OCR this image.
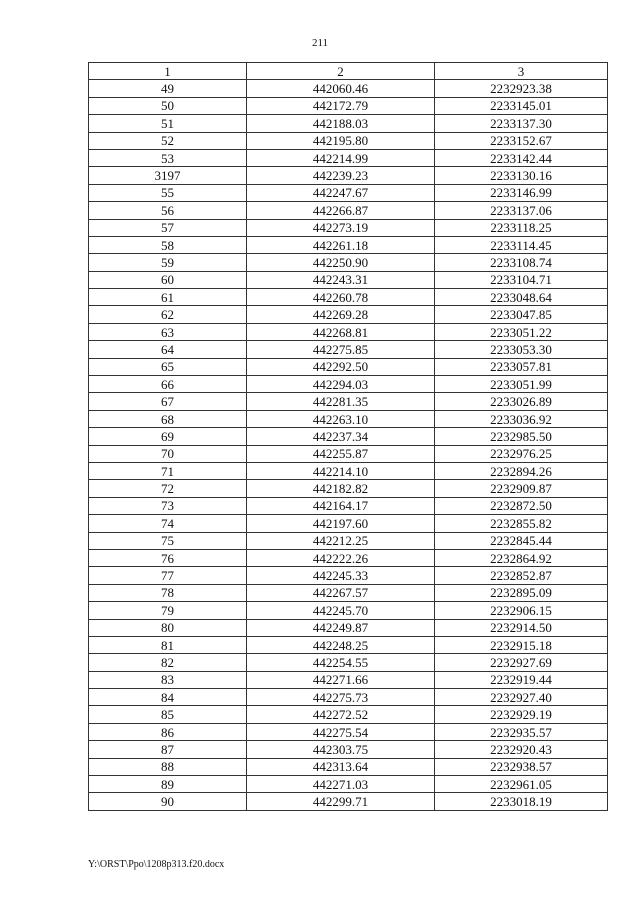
211
1	2	3
49	442060.46	2232923.38
50	442172.79	2233145.01
51	442188.03	2233137.30
52	442195.80	2233152.67
53	442214.99	2233142.44
3197	442239.23	2233130.16
55	442247.67	2233146.99
56	442266.87	2233137.06
57	442273.19	2233118.25
58	442261.18	2233114.45
59	442250.90	2233108.74
60	442243.31	2233104.71
61	442260.78	2233048.64
62	442269.28	2233047.85
63	442268.81	2233051.22
64	442275.85	2233053.30
65	442292.50	2233057.81
66	442294.03	2233051.99
67	442281.35	2233026.89
68	442263.10	2233036.92
69	442237.34	2232985.50
70	442255.87	2232976.25
71	442214.10	2232894.26
72	442182.82	2232909.87
73	442164.17	2232872.50
74	442197.60	2232855.82
75	442212.25	2232845.44
76	442222.26	2232864.92
77	442245.33	2232852.87
78	442267.57	2232895.09
79	442245.70	2232906.15
80	442249.87	2232914.50
81	442248.25	2232915.18
82	442254.55	2232927.69
83	442271.66	2232919.44
84	442275.73	2232927.40
85	442272.52	2232929.19
86	442275.54	2232935.57
87	442303.75	2232920.43
88	442313.64	2232938.57
89	442271.03	2232961.05
90	442299.71	2233018.19
Y:\ORST\Ppo\1208p313.f20.docx
